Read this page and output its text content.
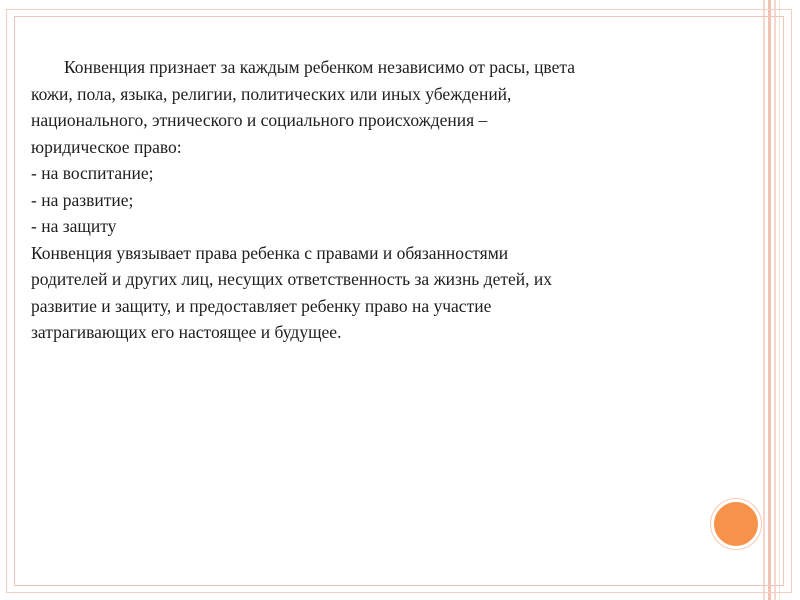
Конвенция признает за каждым ребенком независимо от расы, цвета

кожи, пола, языка, религии, политических или иных убеждений,

национального, этнического и социального происхождения –

юридическое право:

- на воспитание;

- на развитие;

- на защиту

Конвенция увязывает права ребенка с правами и обязанностями

родителей и других лиц, несущих ответственность за жизнь детей, их

развитие и защиту, и предоставляет ребенку право на участие

затрагивающих его настоящее и будущее.
